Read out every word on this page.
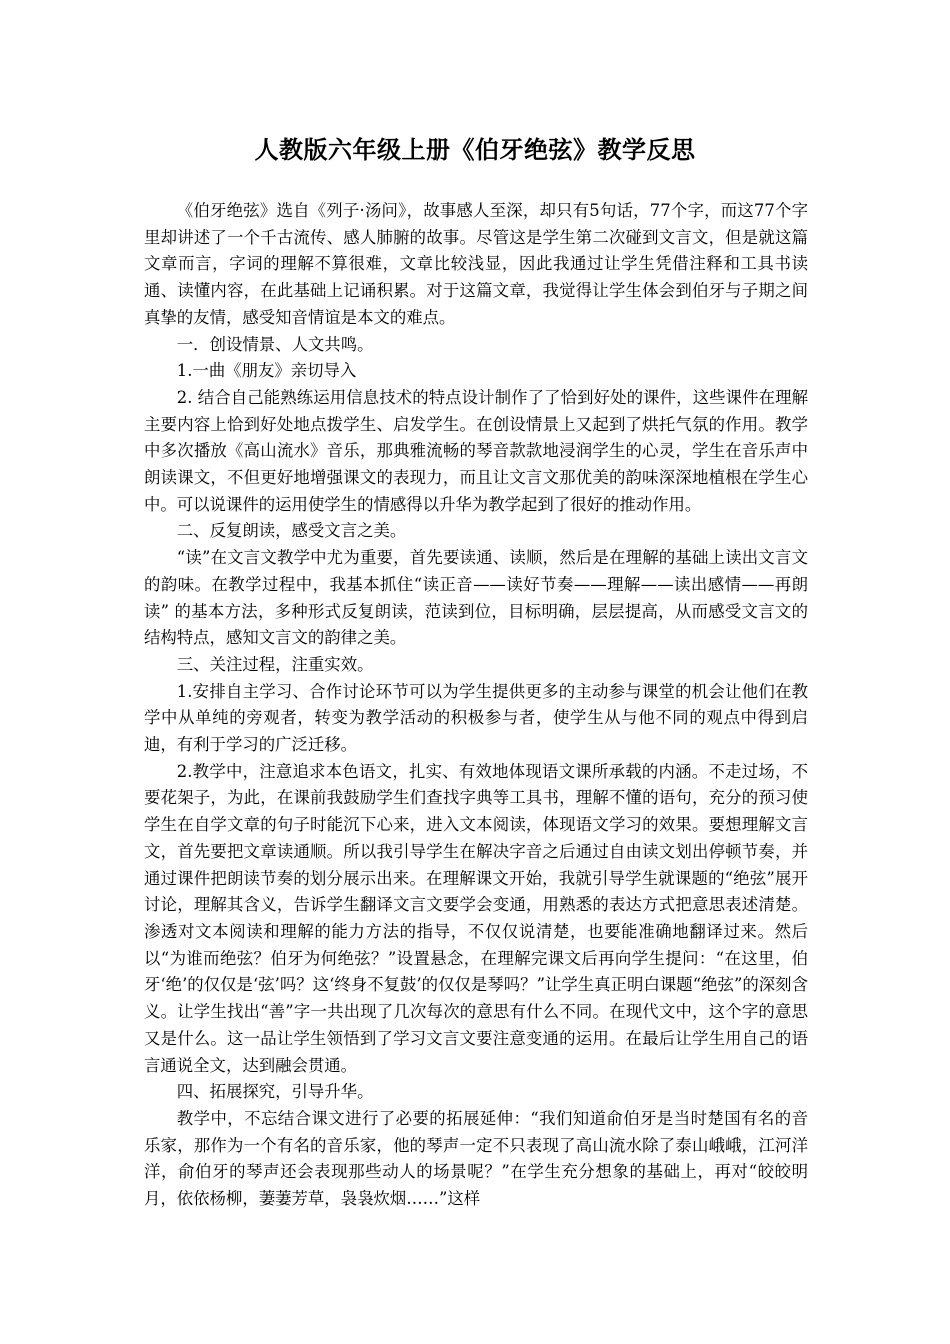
人教版六年级上册《伯牙绝弦》教学反思

《伯牙绝弦》选自《列子·汤问》，故事感人至深，却只有5句话，77个字，而这77个字里却讲述了一个千古流传、感人肺腑的故事。尽管这是学生第二次碰到文言文，但是就这篇文章而言，字词的理解不算很难，文章比较浅显，因此我通过让学生凭借注释和工具书读通、读懂内容，在此基础上记诵积累。对于这篇文章，我觉得让学生体会到伯牙与子期之间真挚的友情，感受知音情谊是本文的难点。

一．创设情景、人文共鸣。

1.一曲《朋友》亲切导入

2. 结合自己能熟练运用信息技术的特点设计制作了了恰到好处的课件，这些课件在理解主要内容上恰到好处地点拨学生、启发学生。在创设情景上又起到了烘托气氛的作用。教学中多次播放《高山流水》音乐，那典雅流畅的琴音款款地浸润学生的心灵，学生在音乐声中朗读课文，不但更好地增强课文的表现力，而且让文言文那优美的韵味深深地植根在学生心中。可以说课件的运用使学生的情感得以升华为教学起到了很好的推动作用。

二、反复朗读，感受文言之美。

“读”在文言文教学中尤为重要，首先要读通、读顺，然后是在理解的基础上读出文言文的韵味。在教学过程中，我基本抓住“读正音——读好节奏——理解——读出感情——再朗读” 的基本方法，多种形式反复朗读，范读到位，目标明确，层层提高，从而感受文言文的结构特点，感知文言文的韵律之美。

三、关注过程，注重实效。

1.安排自主学习、合作讨论环节可以为学生提供更多的主动参与课堂的机会让他们在教学中从单纯的旁观者，转变为教学活动的积极参与者，使学生从与他不同的观点中得到启迪，有利于学习的广泛迁移。

2.教学中，注意追求本色语文，扎实、有效地体现语文课所承载的内涵。不走过场，不要花架子，为此，在课前我鼓励学生们查找字典等工具书，理解不懂的语句，充分的预习使学生在自学文章的句子时能沉下心来，进入文本阅读，体现语文学习的效果。要想理解文言文，首先要把文章读通顺。所以我引导学生在解决字音之后通过自由读文划出停顿节奏，并通过课件把朗读节奏的划分展示出来。在理解课文开始，我就引导学生就课题的“绝弦”展开讨论，理解其含义，告诉学生翻译文言文要学会变通，用熟悉的表达方式把意思表述清楚。渗透对文本阅读和理解的能力方法的指导，不仅仅说清楚，也要能准确地翻译过来。然后以“为谁而绝弦？伯牙为何绝弦？”设置悬念，在理解完课文后再向学生提问：“在这里，伯牙‘绝’的仅仅是‘弦’吗？这‘终身不复鼓’的仅仅是琴吗？”让学生真正明白课题“绝弦”的深刻含义。让学生找出“善”字一共出现了几次每次的意思有什么不同。在现代文中，这个字的意思又是什么。这一品让学生领悟到了学习文言文要注意变通的运用。在最后让学生用自己的语言通说全文，达到融会贯通。

四、拓展探究，引导升华。

教学中，不忘结合课文进行了必要的拓展延伸：“我们知道俞伯牙是当时楚国有名的音乐家，那作为一个有名的音乐家，他的琴声一定不只表现了高山流水除了泰山峨峨，江河洋洋，俞伯牙的琴声还会表现那些动人的场景呢？”在学生充分想象的基础上，再对“皎皎明月，依依杨柳，萋萋芳草，袅袅炊烟……”这样
